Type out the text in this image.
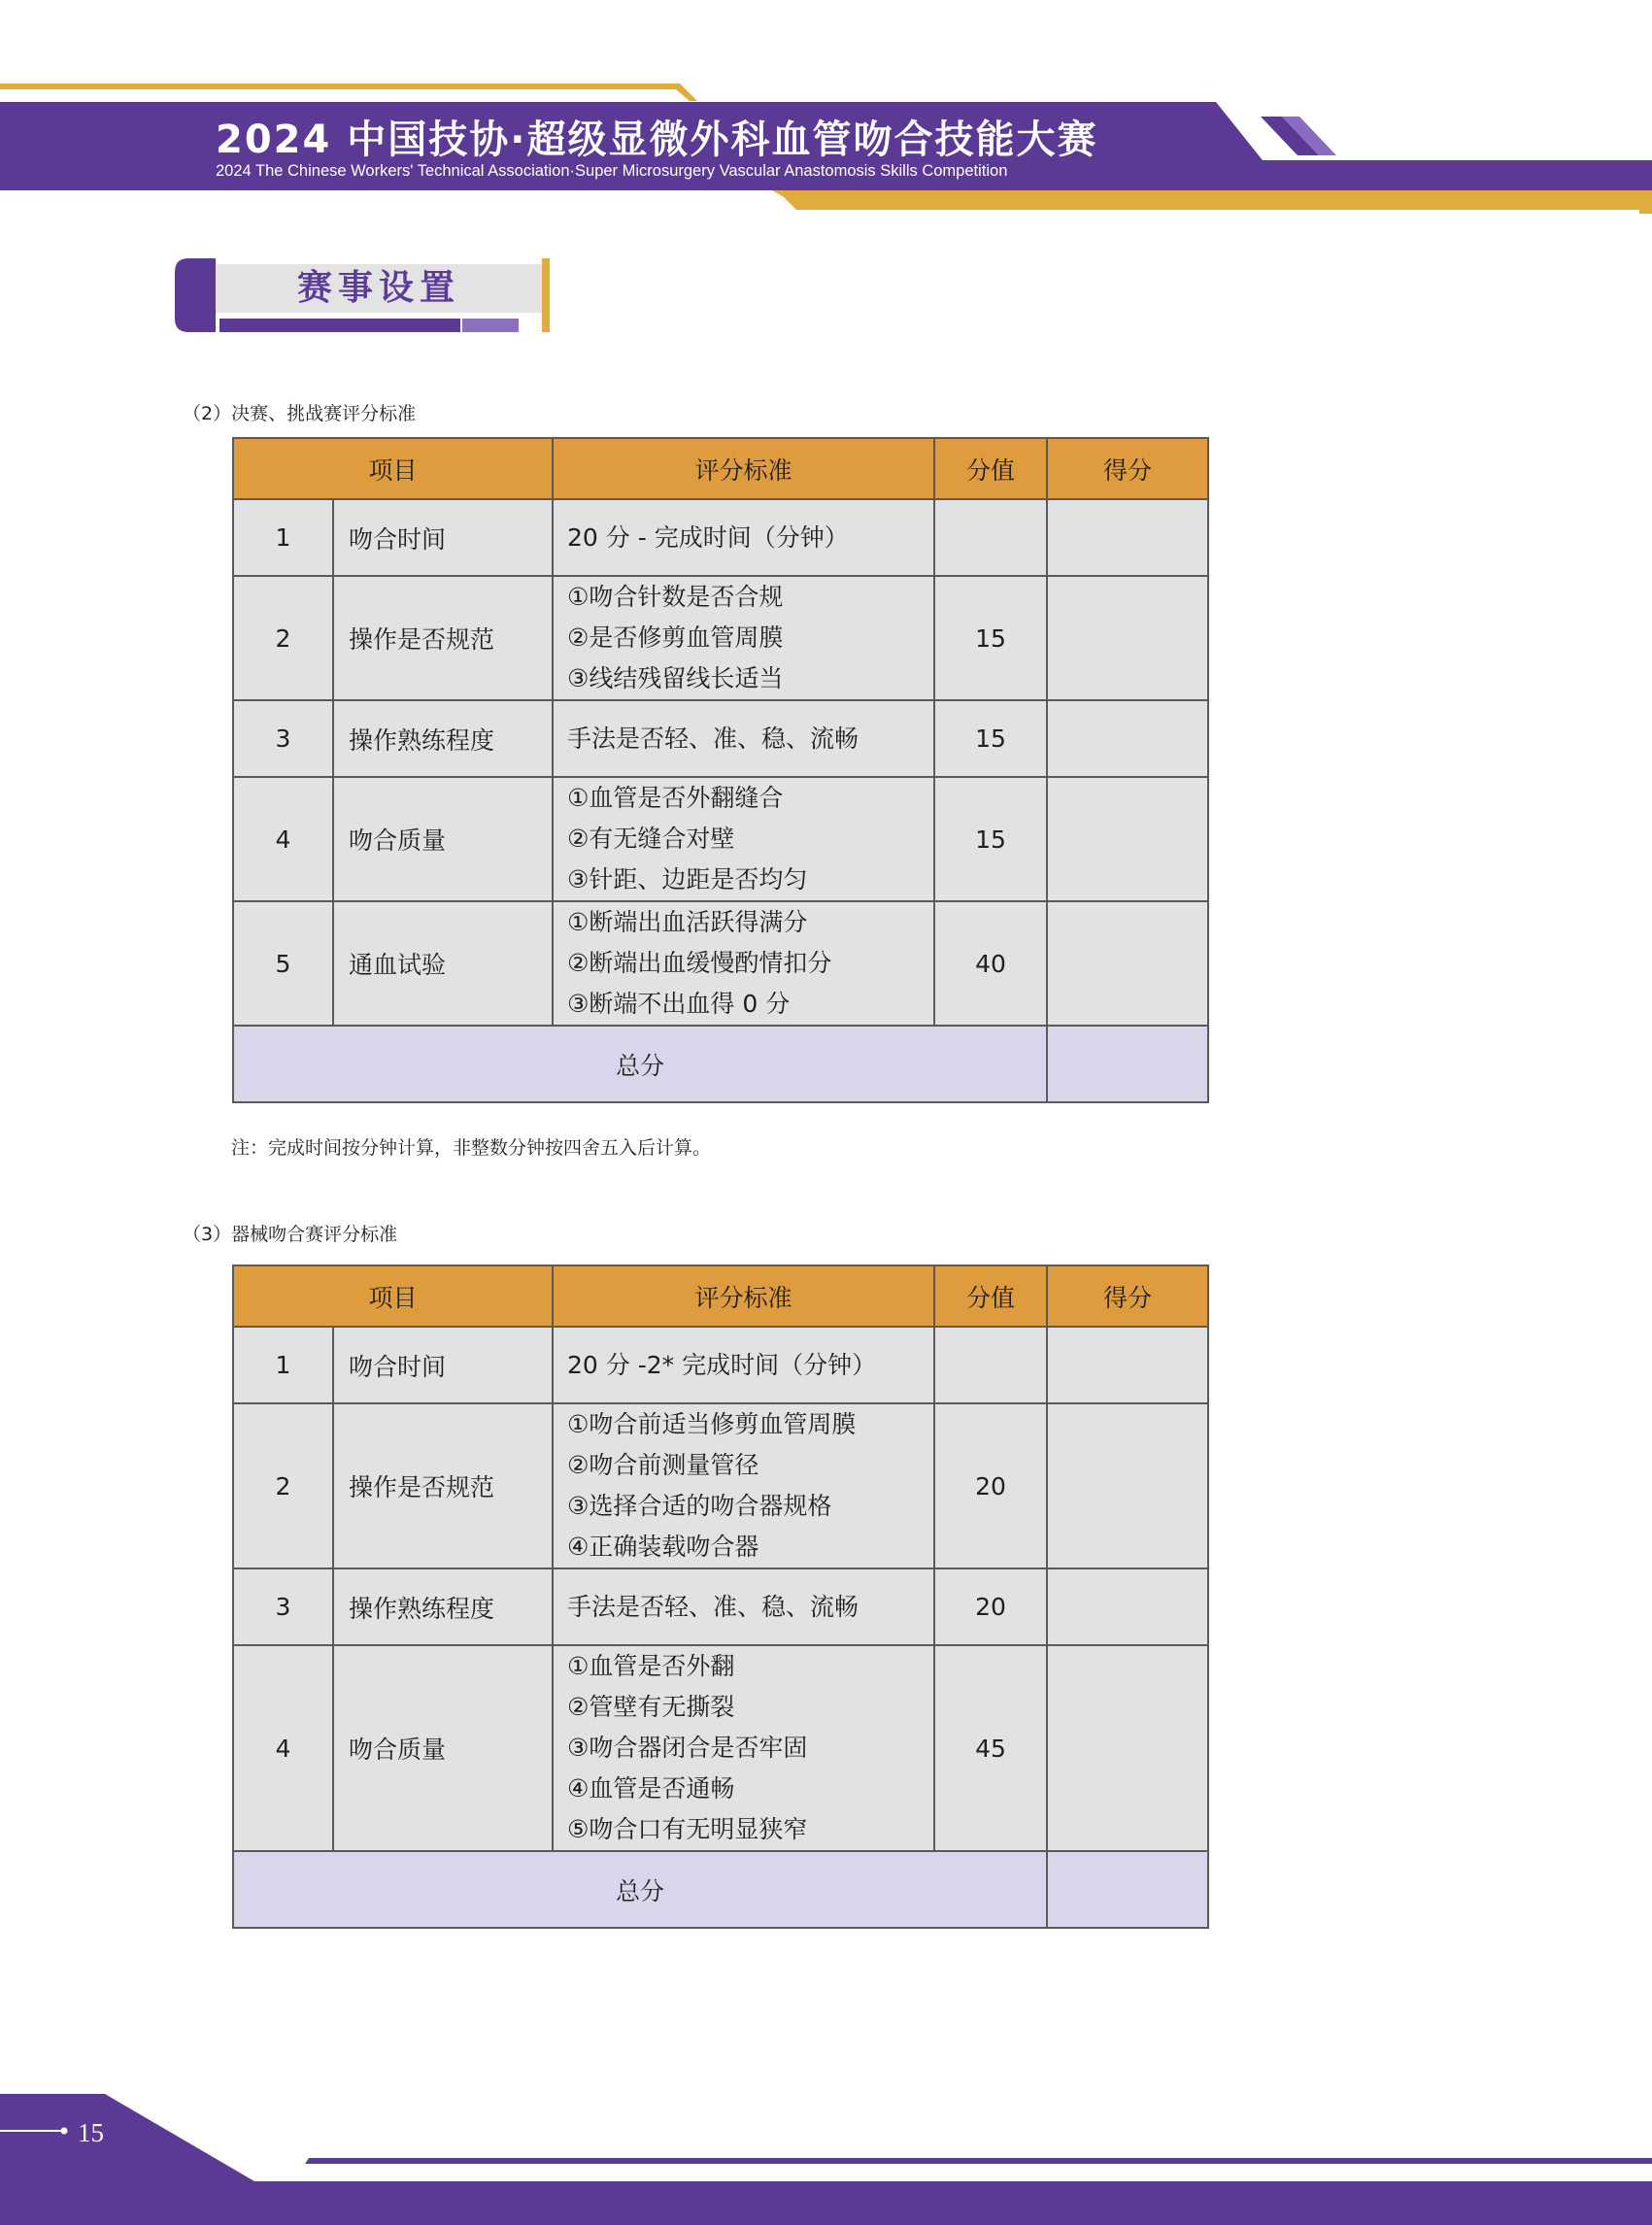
2024 中国技协·超级显微外科血管吻合技能大赛
2024 The Chinese Workers' Technical Association·Super Microsurgery Vascular Anastomosis Skills Competition
赛事设置
（2）决赛、挑战赛评分标准
项目		评分标准	分值	得分
1	吻合时间	20 分 - 完成时间（分钟）		

2	操作是否规范	①吻合针数是否合规
②是否修剪血管周膜
③线结残留线长适当	15	
3	操作熟练程度	手法是否轻、准、稳、流畅	15	
4	吻合质量	①血管是否外翻缝合
②有无缝合对壁
③针距、边距是否均匀	15	
5	通血试验	①断端出血活跃得满分
②断端出血缓慢酌情扣分
③断端不出血得 0 分	40	
总分				
注：完成时间按分钟计算，非整数分钟按四舍五入后计算。
（3）器械吻合赛评分标准
项目		评分标准	分值	得分
1	吻合时间	20 分 -2* 完成时间（分钟）		

2	操作是否规范	①吻合前适当修剪血管周膜
②吻合前测量管径
③选择合适的吻合器规格
④正确装载吻合器	20	
3	操作熟练程度	手法是否轻、准、稳、流畅	20	
4	吻合质量	①血管是否外翻
②管壁有无撕裂
③吻合器闭合是否牢固
④血管是否通畅
⑤吻合口有无明显狭窄	45	
总分				
15
